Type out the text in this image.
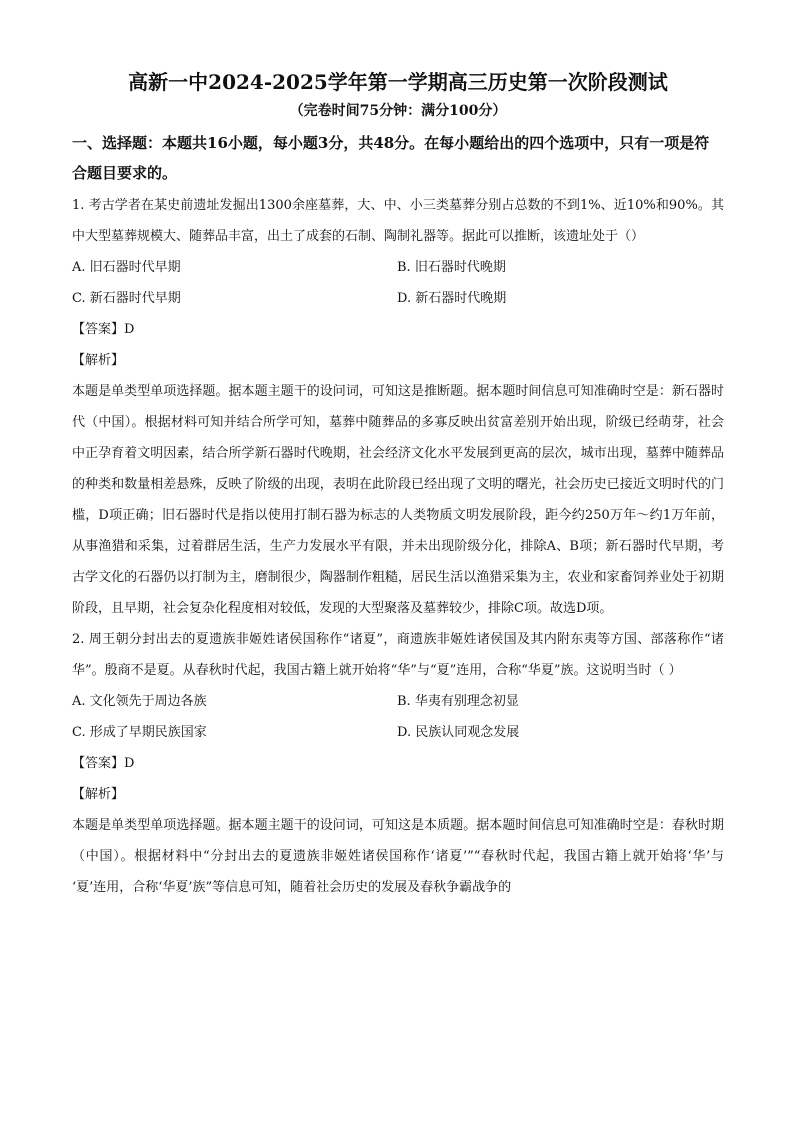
高新一中2024-2025学年第一学期高三历史第一次阶段测试
（完卷时间75分钟：满分100分）
一、选择题：本题共16小题，每小题3分，共48分。在每小题给出的四个选项中，只有一项是符合题目要求的。

1. 考古学者在某史前遗址发掘出1300余座墓葬，大、中、小三类墓葬分别占总数的不到1%、近10%和90%。其中大型墓葬规模大、随葬品丰富，出土了成套的石制、陶制礼器等。据此可以推断，该遗址处于（）

A. 旧石器时代早期	B. 旧石器时代晚期
C. 新石器时代早期	D. 新石器时代晚期

【答案】D

【解析】

本题是单类型单项选择题。据本题主题干的设问词，可知这是推断题。据本题时间信息可知准确时空是：新石器时代（中国）。根据材料可知并结合所学可知，墓葬中随葬品的多寡反映出贫富差别开始出现，阶级已经萌芽，社会中正孕育着文明因素，结合所学新石器时代晚期，社会经济文化水平发展到更高的层次，城市出现，墓葬中随葬品的种类和数量相差悬殊，反映了阶级的出现，表明在此阶段已经出现了文明的曙光，社会历史已接近文明时代的门槛，D项正确；旧石器时代是指以使用打制石器为标志的人类物质文明发展阶段，距今约250万年～约1万年前，从事渔猎和采集，过着群居生活，生产力发展水平有限，并未出现阶级分化，排除A、B项；新石器时代早期，考古学文化的石器仍以打制为主，磨制很少，陶器制作粗糙，居民生活以渔猎采集为主，农业和家畜饲养业处于初期阶段，且早期，社会复杂化程度相对较低，发现的大型聚落及墓葬较少，排除C项。故选D项。

2. 周王朝分封出去的夏遗族非姬姓诸侯国称作“诸夏”，商遗族非姬姓诸侯国及其内附东夷等方国、部落称作“诸华”。殷商不是夏。从春秋时代起，我国古籍上就开始将“华”与“夏”连用，合称“华夏”族。这说明当时（ ）

A. 文化领先于周边各族	B. 华夷有别理念初显
C. 形成了早期民族国家	D. 民族认同观念发展

【答案】D

【解析】

本题是单类型单项选择题。据本题主题干的设问词，可知这是本质题。据本题时间信息可知准确时空是：春秋时期（中国）。根据材料中“分封出去的夏遗族非姬姓诸侯国称作‘诸夏’”“春秋时代起，我国古籍上就开始将‘华’与 ‘夏’连用，合称‘华夏’族”等信息可知，随着社会历史的发展及春秋争霸战争的
